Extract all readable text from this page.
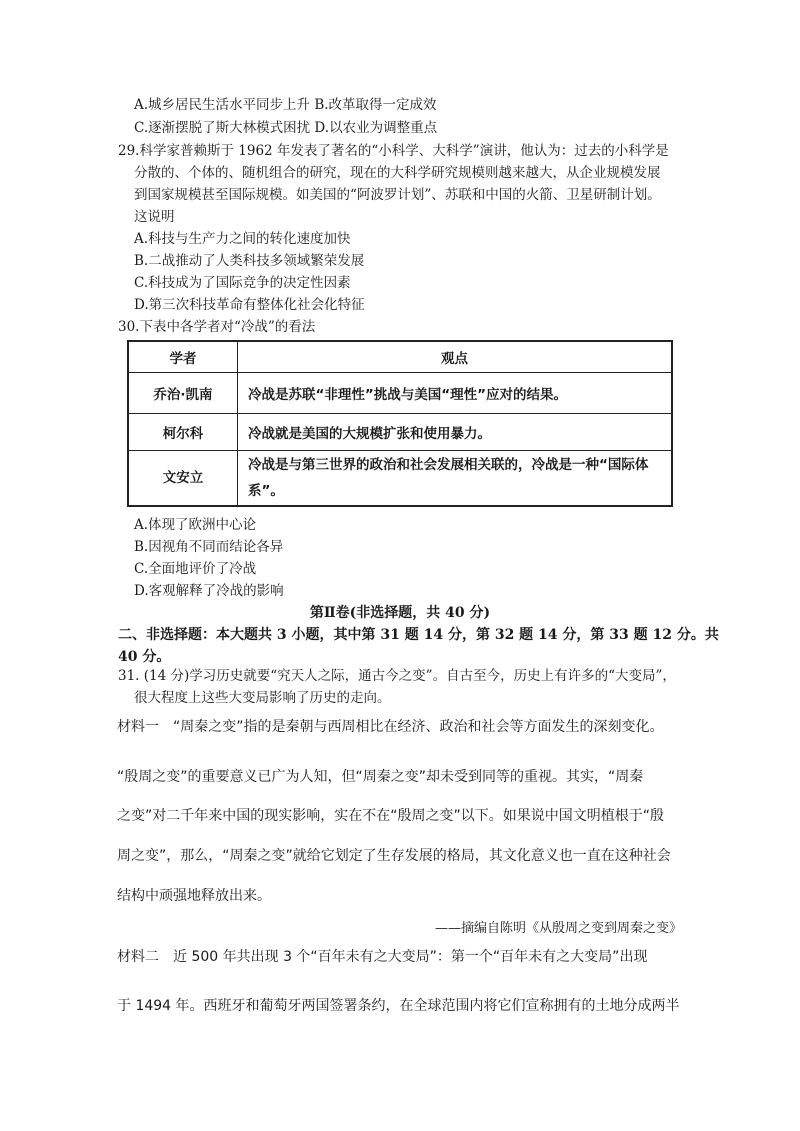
A.城乡居民生活水平同步上升 B.改革取得一定成效
C.逐渐摆脱了斯大林模式困扰 D.以农业为调整重点
29.科学家普赖斯于 1962 年发表了著名的“小科学、大科学”演讲，他认为：过去的小科学是
分散的、个体的、随机组合的研究，现在的大科学研究规模则越来越大，从企业规模发展
到国家规模甚至国际规模。如美国的“阿波罗计划”、苏联和中国的火箭、卫星研制计划。
这说明
A.科技与生产力之间的转化速度加快
B.二战推动了人类科技多领域繁荣发展
C.科技成为了国际竞争的决定性因素
D.第三次科技革命有整体化社会化特征
30.下表中各学者对“冷战”的看法
学者	观点
乔治·凯南	冷战是苏联“非理性”挑战与美国“理性”应对的结果。
柯尔科	冷战就是美国的大规模扩张和使用暴力。
文安立	冷战是与第三世界的政治和社会发展相关联的，冷战是一种“国际体
系”。
A.体现了欧洲中心论
B.因视角不同而结论各异
C.全面地评价了冷战
D.客观解释了冷战的影响
第Ⅱ卷(非选择题，共 40 分)
二、非选择题：本大题共 3 小题，其中第 31 题 14 分，第 32 题 14 分，第 33 题 12 分。共
40 分。
31. (14 分)学习历史就要“究天人之际，通古今之变”。自古至今，历史上有许多的“大变局”，
很大程度上这些大变局影响了历史的走向。
材料一　“周秦之变”指的是秦朝与西周相比在经济、政治和社会等方面发生的深刻变化。
“殷周之变”的重要意义已广为人知，但“周秦之变”却未受到同等的重视。其实，“周秦
之变”对二千年来中国的现实影响，实在不在“殷周之变”以下。如果说中国文明植根于“殷
周之变”，那么，“周秦之变”就给它划定了生存发展的格局，其文化意义也一直在这种社会
结构中顽强地释放出来。
——摘编自陈明《从殷周之变到周秦之变》
材料二　近 500 年共出现 3 个“百年未有之大变局”：第一个“百年未有之大变局”出现
于 1494 年。西班牙和葡萄牙两国签署条约，在全球范围内将它们宣称拥有的土地分成两半
